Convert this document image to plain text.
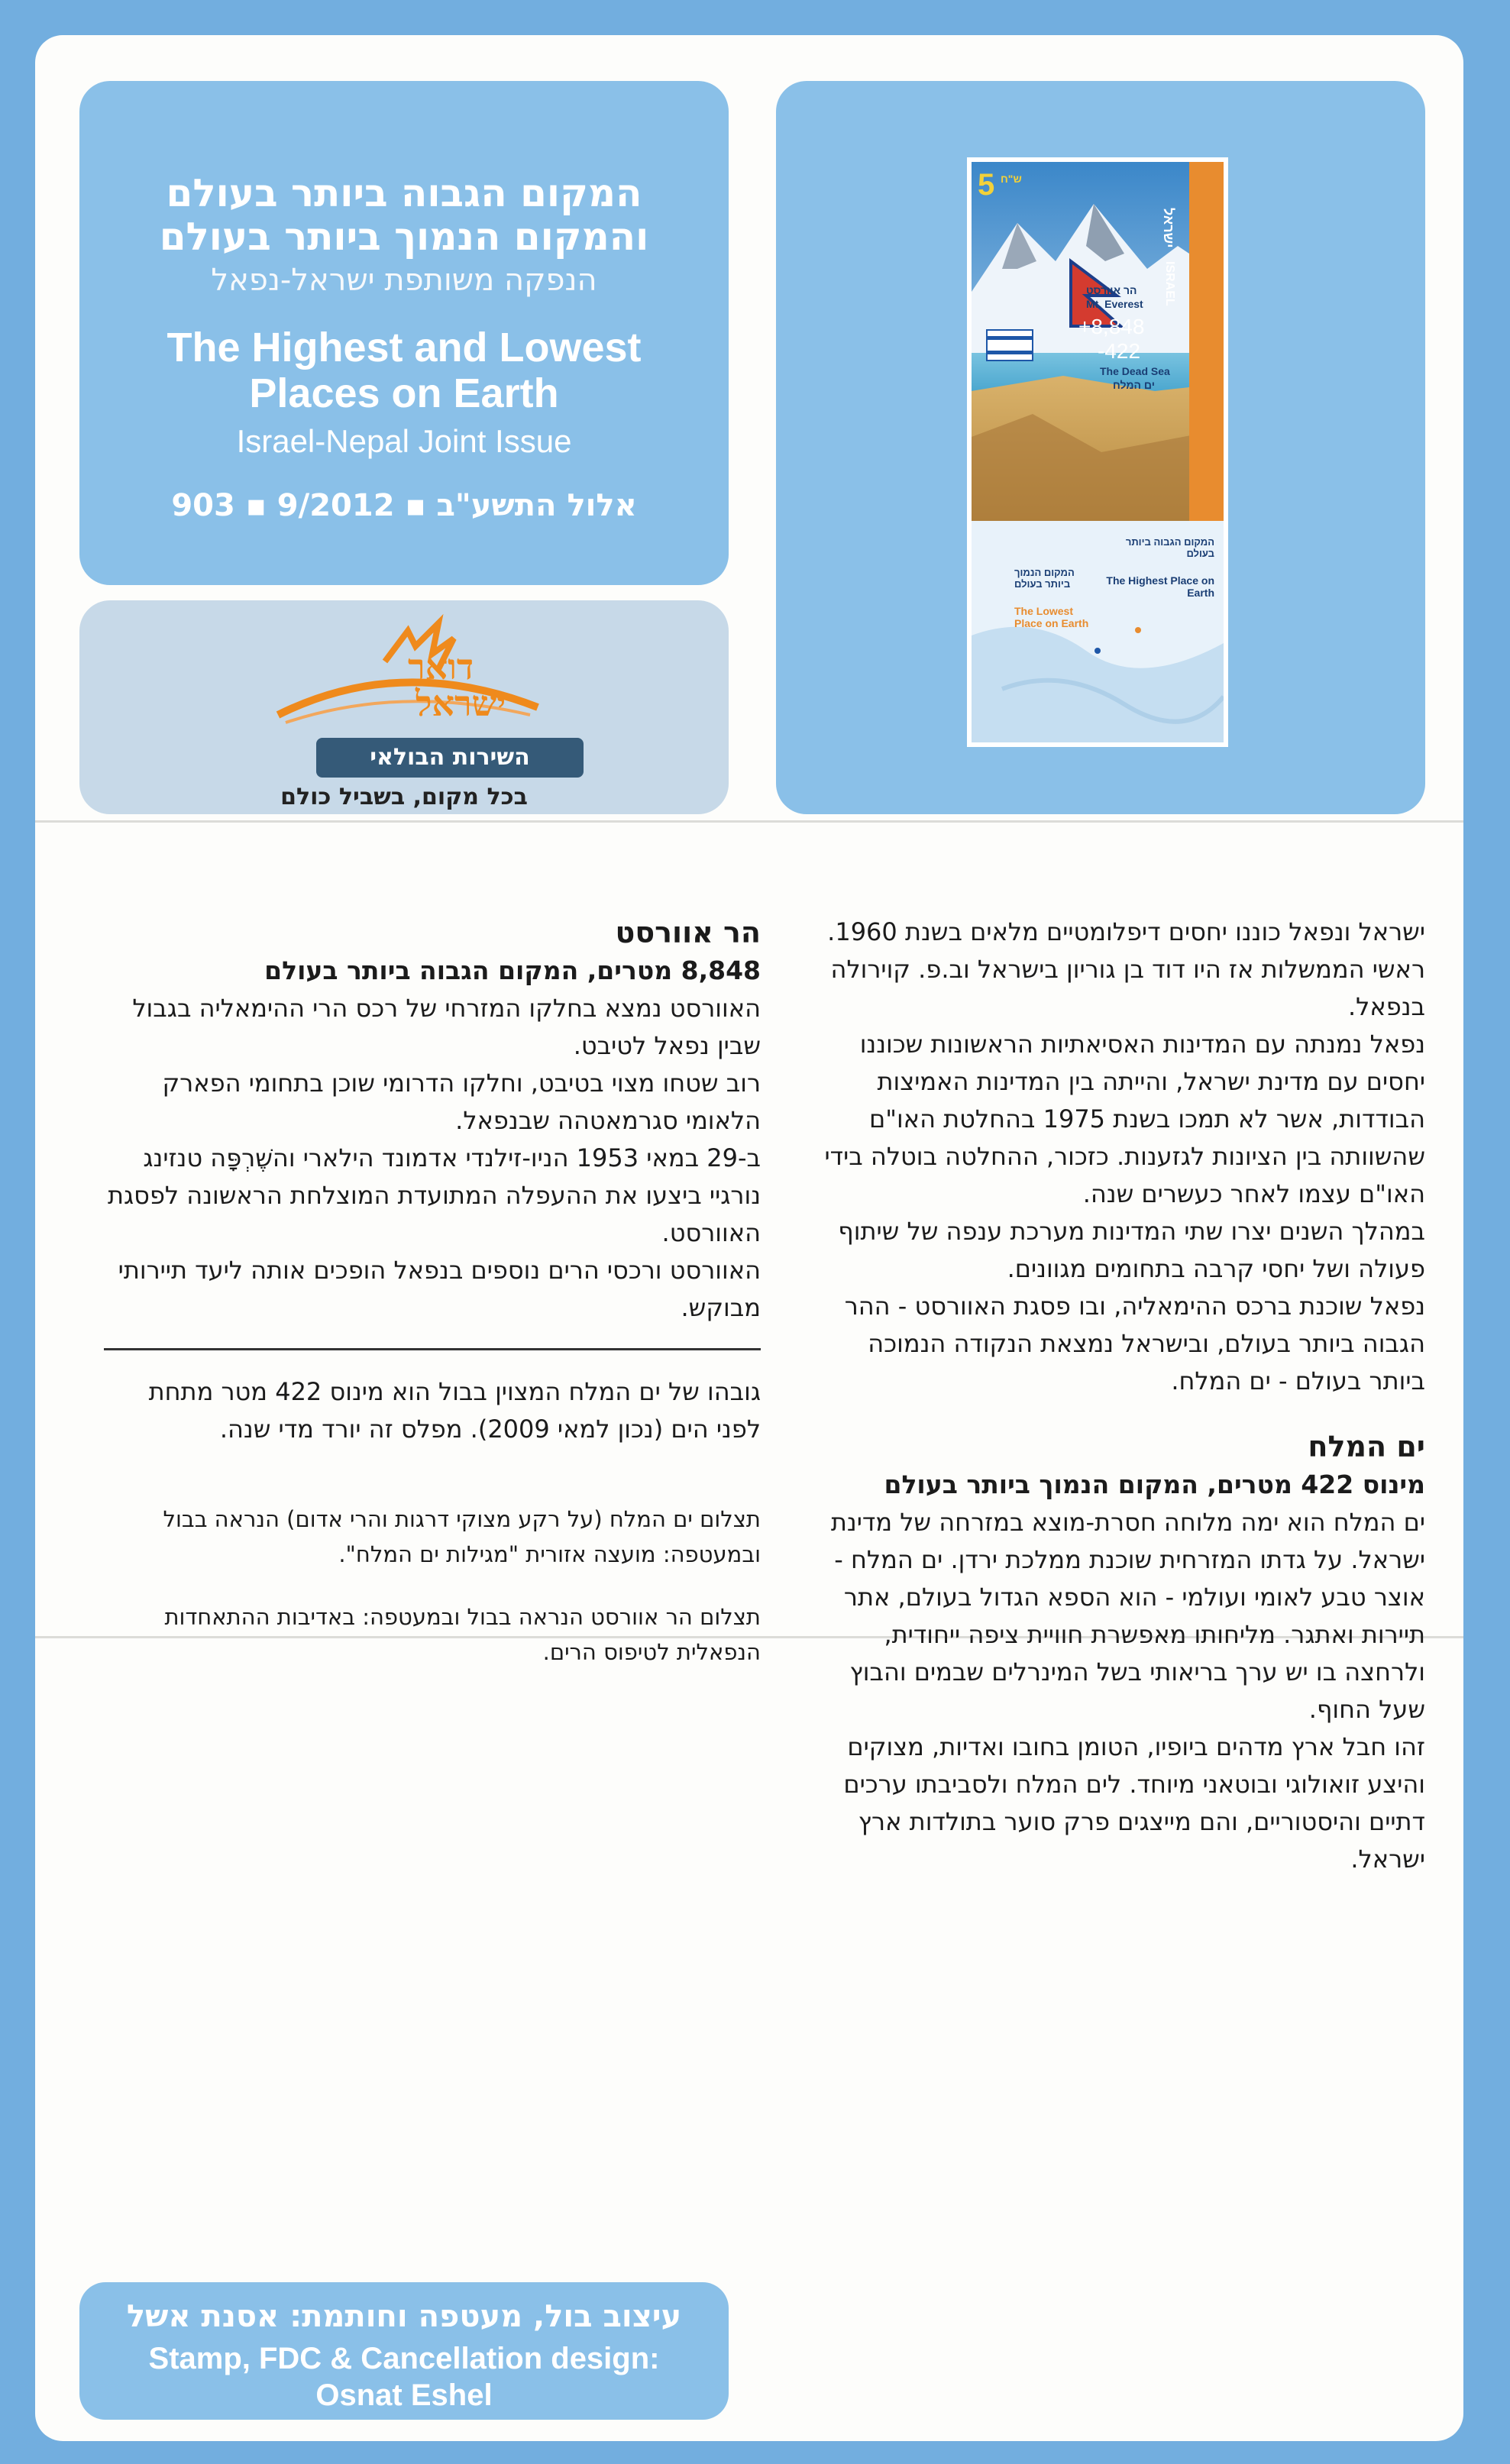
המקום הגבוה ביותר בעולם
והמקום הנמוך ביותר בעולם
הנפקה משותפת ישראל-נפאל
The Highest and Lowest
Places on Earth
Israel-Nepal Joint Issue
903 ▪ 9/2012 ▪ אלול התשע"ב
5 ש"ח
ישראל
ISRAEL
הר אוורסט
Mt. Everest
+8,848
-422
The Dead Sea
ים המלח
המקום הגבוה ביותר בעולם
The Highest Place on Earth
המקום הנמוך ביותר בעולם
The Lowest Place on Earth
דואר
ישראל
השירות הבולאי
בכל מקום, בשביל כולם

ישראל ונפאל כוננו יחסים דיפלומטיים מלאים בשנת 1960. ראשי הממשלות אז היו דוד בן גוריון בישראל וב.פ. קוירולה בנפאל.

נפאל נמנתה עם המדינות האסיאתיות הראשונות שכוננו יחסים עם מדינת ישראל, והייתה בין המדינות האמיצות הבודדות, אשר לא תמכו בשנת 1975 בהחלטת האו"ם שהשוותה בין הציונות לגזענות. כזכור, ההחלטה בוטלה בידי האו"ם עצמו לאחר כעשרים שנה.

במהלך השנים יצרו שתי המדינות מערכת ענפה של שיתוף פעולה ושל יחסי קרבה בתחומים מגוונים.

נפאל שוכנת ברכס ההימאליה, ובו פסגת האוורסט - ההר הגבוה ביותר בעולם, ובישראל נמצאת הנקודה הנמוכה ביותר בעולם - ים המלח.

ים המלח
מינוס 422 מטרים, המקום הנמוך ביותר בעולם

ים המלח הוא ימה מלוחה חסרת-מוצא במזרחה של מדינת ישראל. על גדתו המזרחית שוכנת ממלכת ירדן. ים המלח - אוצר טבע לאומי ועולמי - הוא הספא הגדול בעולם, אתר תיירות ואתגר. מליחותו מאפשרת חוויית ציפה ייחודית, ולרחצה בו יש ערך בריאותי בשל המינרלים שבמים והבוץ שעל החוף.

זהו חבל ארץ מדהים ביופיו, הטומן בחובו ואדיות, מצוקים והיצע זואולוגי ובוטאני מיוחד. לים המלח ולסביבתו ערכים דתיים והיסטוריים, והם מייצגים פרק סוער בתולדות ארץ ישראל.

הר אוורסט
8,848 מטרים, המקום הגבוה ביותר בעולם

האוורסט נמצא בחלקו המזרחי של רכס הרי ההימאליה בגבול שבין נפאל לטיבט.

רוב שטחו מצוי בטיבט, וחלקו הדרומי שוכן בתחומי הפארק הלאומי סגרמאטהה שבנפאל.

ב-29 במאי 1953 הניו-זילנדי אדמונד הילארי והשֶׁרְפָּה טנזינג נורגיי ביצעו את ההעפלה המתועדת המוצלחת הראשונה לפסגת האוורסט.

האוורסט ורכסי הרים נוספים בנפאל הופכים אותה ליעד תיירותי מבוקש.

גובהו של ים המלח המצוין בבול הוא מינוס 422 מטר מתחת לפני הים (נכון למאי 2009). מפלס זה יורד מדי שנה.

תצלום ים המלח (על רקע מצוקי דרגות והרי אדום) הנראה בבול ובמעטפה: מועצה אזורית "מגילות ים המלח".

תצלום הר אוורסט הנראה בבול ובמעטפה: באדיבות ההתאחדות הנפאלית לטיפוס הרים.

עיצוב בול, מעטפה וחותמת: אסנת אשל
Stamp, FDC & Cancellation design:
Osnat Eshel
